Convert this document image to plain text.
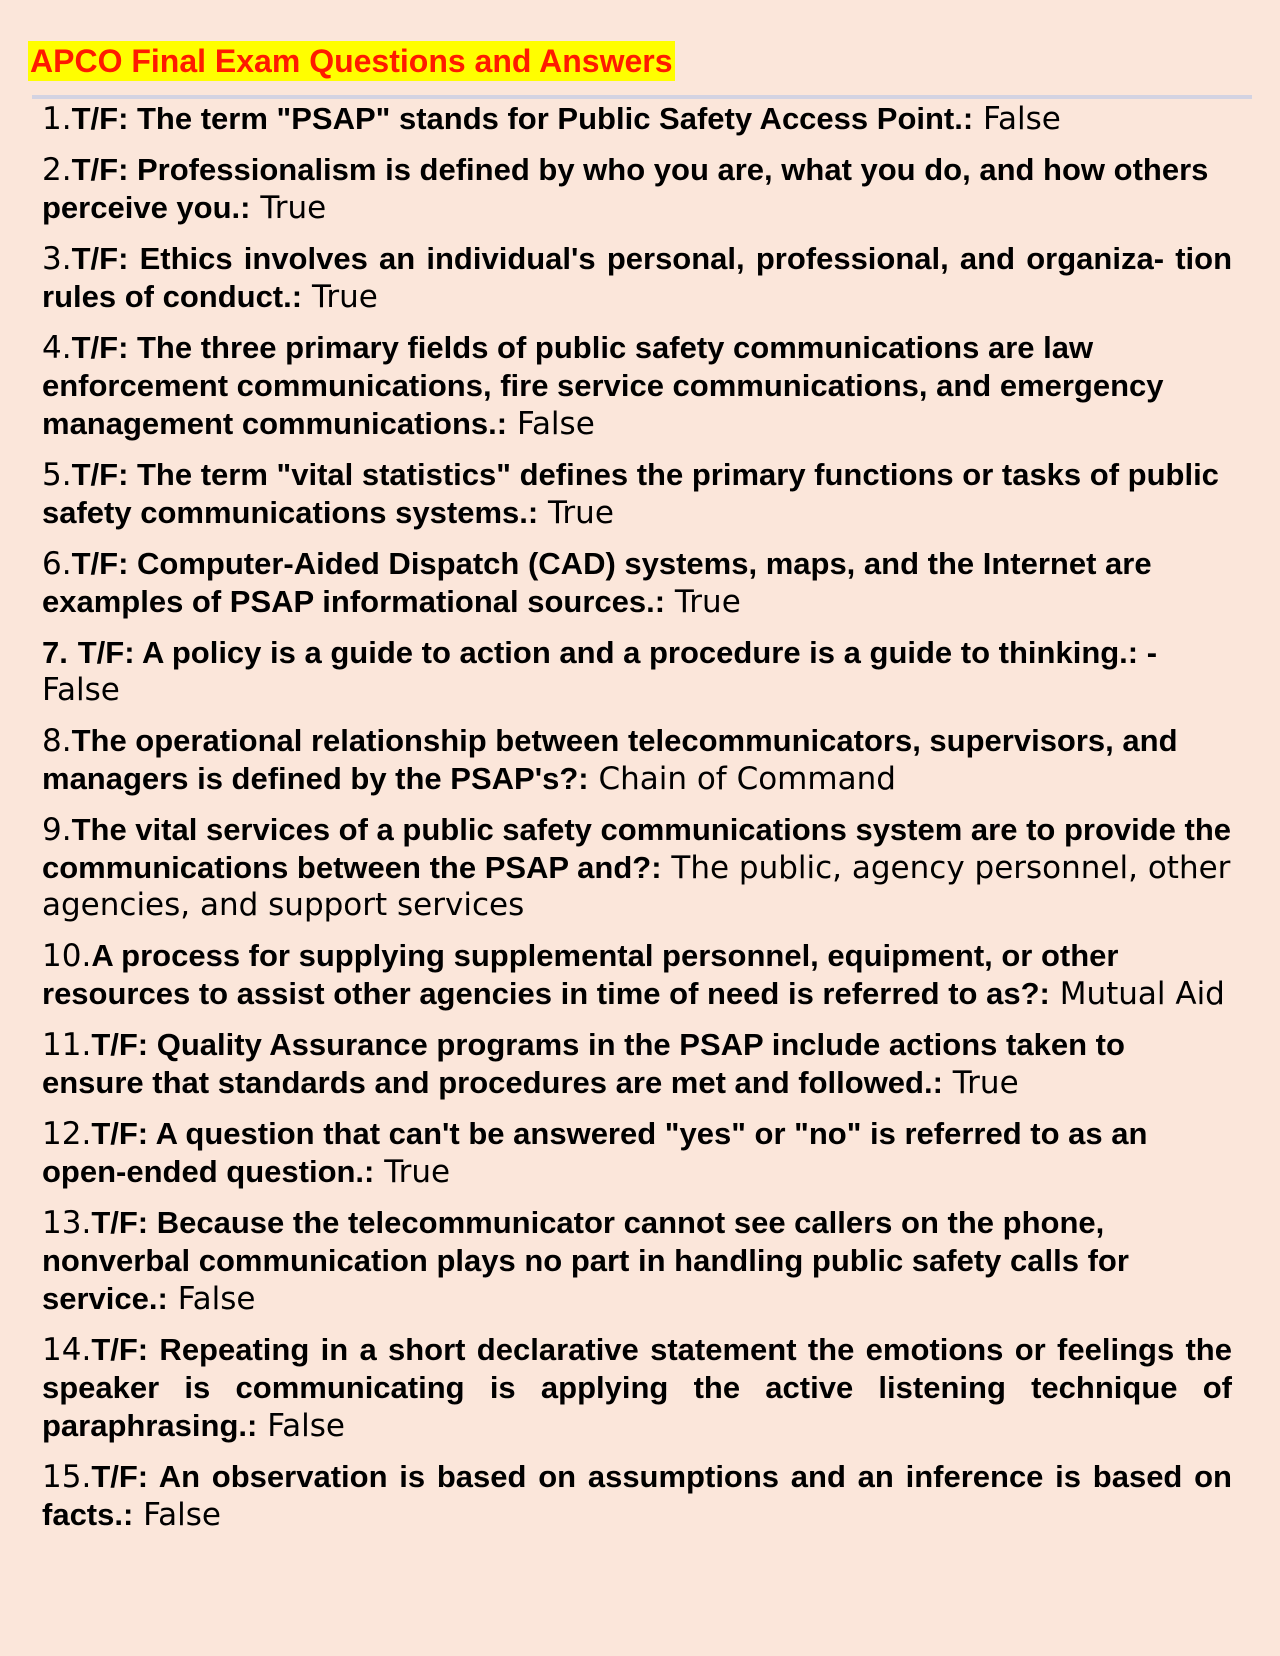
APCO Final Exam Questions and Answers
1.T/F: The term "PSAP" stands for Public Safety Access Point.: False
2.T/F: Professionalism is defined by who you are, what you do, and how others perceive you.: True
3.T/F: Ethics involves an individual's personal, professional, and organiza- tion rules of conduct.: True
4.T/F: The three primary fields of public safety communications are law enforcement communications, fire service communications, and emergency management communications.: False
5.T/F: The term "vital statistics" defines the primary functions or tasks of public safety communications systems.: True
6.T/F: Computer-Aided Dispatch (CAD) systems, maps, and the Internet are examples of PSAP informational sources.: True
7. T/F: A policy is a guide to action and a procedure is a guide to thinking.: - False
8.The operational relationship between telecommunicators, supervisors, and managers is defined by the PSAP's?: Chain of Command
9.The vital services of a public safety communications system are to provide the communications between the PSAP and?: The public, agency personnel, other agencies, and support services
10.A process for supplying supplemental personnel, equipment, or other resources to assist other agencies in time of need is referred to as?: Mutual Aid
11.T/F: Quality Assurance programs in the PSAP include actions taken to ensure that standards and procedures are met and followed.: True
12.T/F: A question that can't be answered "yes" or "no" is referred to as an open-ended question.: True
13.T/F: Because the telecommunicator cannot see callers on the phone, nonverbal communication plays no part in handling public safety calls for service.: False
14.T/F: Repeating in a short declarative statement the emotions or feelings the speaker is communicating is applying the active listening technique of paraphrasing.: False
15.T/F: An observation is based on assumptions and an inference is based on facts.: False
